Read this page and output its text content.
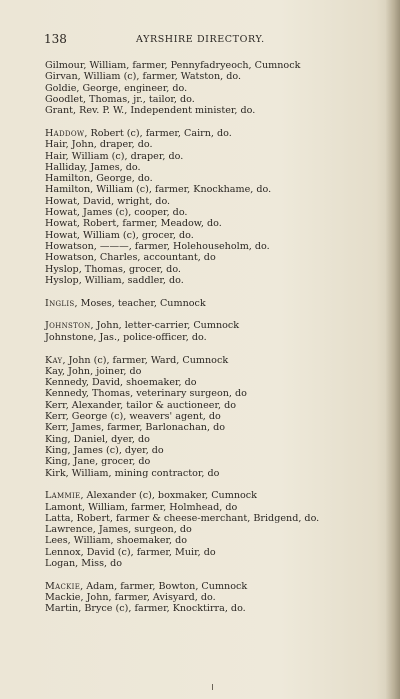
138	AYRSHIRE DIRECTORY.
Gilmour, William, farmer, Pennyfadryeoch, Cumnock
Girvan, William (c), farmer, Watston, do.
Goldie, George, engineer, do.
Goodlet, Thomas, jr., tailor, do.
Grant, Rev. P. W., Independent minister, do.
Haddow, Robert (c), farmer, Cairn, do.
Hair, John, draper, do.
Hair, William (c), draper, do.
Halliday, James, do.
Hamilton, George, do.
Hamilton, William (c), farmer, Knockhame, do.
Howat, David, wright, do.
Howat, James (c), cooper, do.
Howat, Robert, farmer, Meadow, do.
Howat, William (c), grocer, do.
Howatson, ———, farmer, Holehouseholm, do.
Howatson, Charles, accountant, do
Hyslop, Thomas, grocer, do.
Hyslop, William, saddler, do.
Inglis, Moses, teacher, Cumnock
Johnston, John, letter-carrier, Cumnock
Johnstone, Jas., police-officer, do.
Kay, John (c), farmer, Ward, Cumnock
Kay, John, joiner, do
Kennedy, David, shoemaker, do
Kennedy, Thomas, veterinary surgeon, do
Kerr, Alexander, tailor & auctioneer, do
Kerr, George (c), weavers' agent, do
Kerr, James, farmer, Barlonachan, do
King, Daniel, dyer, do
King, James (c), dyer, do
King, Jane, grocer, do
Kirk, William, mining contractor, do
Lammie, Alexander (c), boxmaker, Cumnock
Lamont, William, farmer, Holmhead, do
Latta, Robert, farmer & cheese-merchant, Bridgend, do.
Lawrence, James, surgeon, do
Lees, William, shoemaker, do
Lennox, David (c), farmer, Muir, do
Logan, Miss, do
Mackie, Adam, farmer, Bowton, Cumnock
Mackie, John, farmer, Avisyard, do.
Martin, Bryce (c), farmer, Knocktirra, do.
